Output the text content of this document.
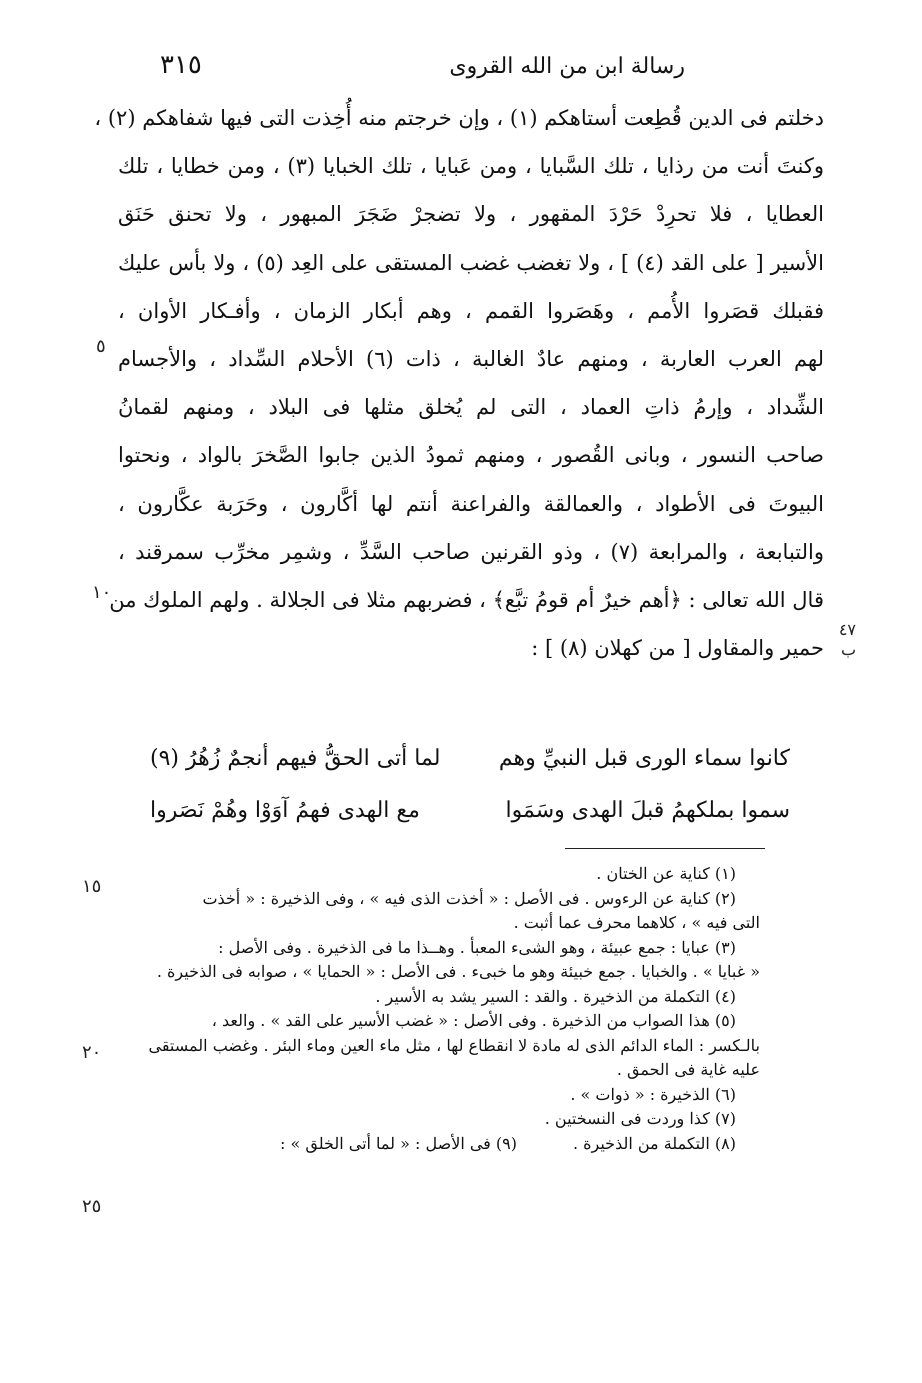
٣١٥	رسالة ابن من الله القروى
دخلتم فى الدين قُطِعت أستاهكم (١) ، وإن خرجتم منه أُخِذت التى فيها شفاهكم (٢) ،
وكنتَ أنت من رذايا ، تلك السَّبايا ، ومن عَبايا ، تلك الخبايا (٣) ، ومن خطايا ، تلك
العطايا ، فلا تحرِدْ حَرْدَ المقهور ، ولا تضجرْ ضَجَرَ المبهور ، ولا تحنق حَنَق
الأسير [ على القد (٤) ] ، ولا تغضب غضب المستقى على العِد (٥) ، ولا بأس عليك
فقبلك قصَروا الأُمم ، وهَصَروا القمم ، وهم أبكار الزمان ، وأفـكار الأوان ،
لهم العرب العاربة ، ومنهم عادٌ الغالبة ، ذات (٦) الأحلام السِّداد ، والأجسام
الشِّداد ، وإرمُ ذاتِ العماد ، التى لم يُخلق مثلها فى البلاد ، ومنهم لقمانُ
صاحب النسور ، وبانى القُصور ، ومنهم ثمودُ الذين جابوا الصَّخرَ بالواد ، ونحتوا
البيوتَ فى الأطواد ، والعمالقة والفراعنة أنتم لها أكَّارون ، وحَرَبة عكَّارون ،
والتبابعة ، والمرابعة (٧) ، وذو القرنين صاحب السَّدِّ ، وشمِر مخرِّب سمرقند ،
قال الله تعالى : ﴿أهم خيرٌ أم قومُ تبَّع﴾ ، فضربهم مثلا فى الجلالة . ولهم الملوك من
حمير والمقاول [ من كهلان (٨) ] :
٥
١٠
٤٧ ب
١٥
٢٠
٢٥
كانوا سماء الورى قبل النبيِّ وهم
لما أتى الحقُّ فيهم أنجمٌ زُهُرُ (٩)
سموا بملكهمُ قبلَ الهدى وسَمَوا
مع الهدى فهمُ آوَوْا وهُمْ نَصَروا
(١) كناية عن الختان .
(٢) كناية عن الرءوس . فى الأصل : « أخذت الذى فيه » ، وفى الذخيرة : « أخذت
التى فيه » ، كلاهما محرف عما أثبت .
(٣) عبايا : جمع عبيئة ، وهو الشىء المعبأ . وهــذا ما فى الذخيرة . وفى الأصل :
« غبايا » . والخبايا . جمع خبيئة وهو ما خبىء . فى الأصل : « الحمايا » ، صوابه فى الذخيرة .
(٤) التكملة من الذخيرة . والقد : السير يشد به الأسير .
(٥) هذا الصواب من الذخيرة . وفى الأصل : « غضب الأسير على القد » . والعد ،
بالـكسر : الماء الدائم الذى له مادة لا انقطاع لها ، مثل ماء العين وماء البئر . وغضب المستقى
عليه غاية فى الحمق .
(٦) الذخيرة : « ذوات » .
(٧) كذا وردت فى النسختين .
(٨) التكملة من الذخيرة .
(٩) فى الأصل : « لما أتى الخلق » :
